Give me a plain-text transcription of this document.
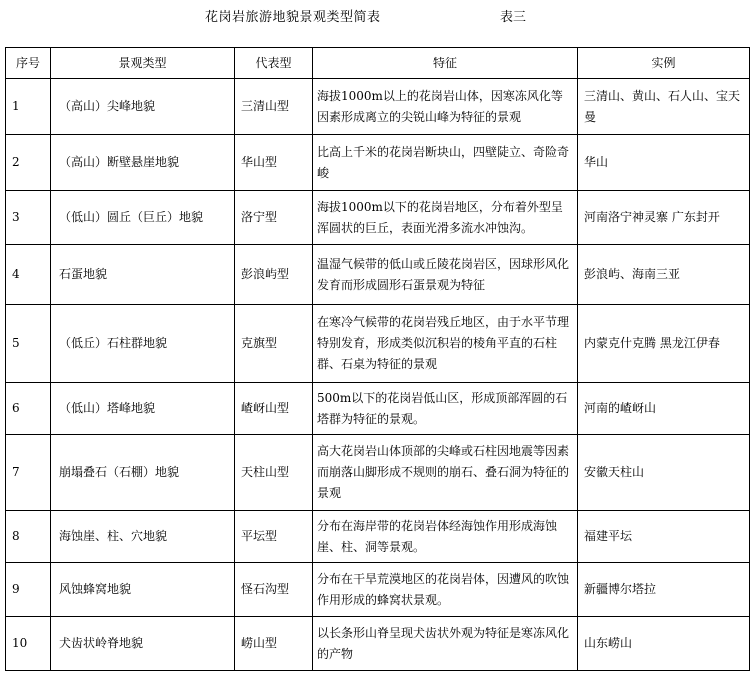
花岗岩旅游地貌景观类型简表	表三
序号	景观类型	代表型	特征	实例
1	（高山）尖峰地貌	三清山型	海拔1000m以上的花岗岩山体，因寒冻风化等因素形成离立的尖锐山峰为特征的景观	三清山、黄山、石人山、宝天曼
2	（高山）断壁悬崖地貌	华山型	比高上千米的花岗岩断块山，四壁陡立、奇险奇峻	华山
3	（低山）圆丘（巨丘）地貌	洛宁型	海拔1000m以下的花岗岩地区，分布着外型呈浑圆状的巨丘，表面光滑多流水冲蚀沟。	河南洛宁神灵寨 广东封开
4	石蛋地貌	彭浪屿型	温湿气候带的低山或丘陵花岗岩区，因球形风化发育而形成圆形石蛋景观为特征	彭浪屿、海南三亚
5	（低丘）石柱群地貌	克旗型	在寒冷气候带的花岗岩残丘地区，由于水平节理特别发育，形成类似沉积岩的棱角平直的石柱群、石桌为特征的景观	内蒙克什克腾 黑龙江伊春
6	（低山）塔峰地貌	嵖岈山型	500m以下的花岗岩低山区，形成顶部浑圆的石塔群为特征的景观。	河南的嵖岈山
7	崩塌叠石（石棚）地貌	天柱山型	高大花岗岩山体顶部的尖峰或石柱因地震等因素而崩落山脚形成不规则的崩石、叠石洞为特征的景观	安徽天柱山
8	海蚀崖、柱、穴地貌	平坛型	分布在海岸带的花岗岩体经海蚀作用形成海蚀崖、柱、洞等景观。	福建平坛
9	风蚀蜂窝地貌	怪石沟型	分布在干旱荒漠地区的花岗岩体，因遭风的吹蚀作用形成的蜂窝状景观。	新疆博尔塔拉
10	犬齿状岭脊地貌	崂山型	以长条形山脊呈现犬齿状外观为特征是寒冻风化的产物	山东崂山
